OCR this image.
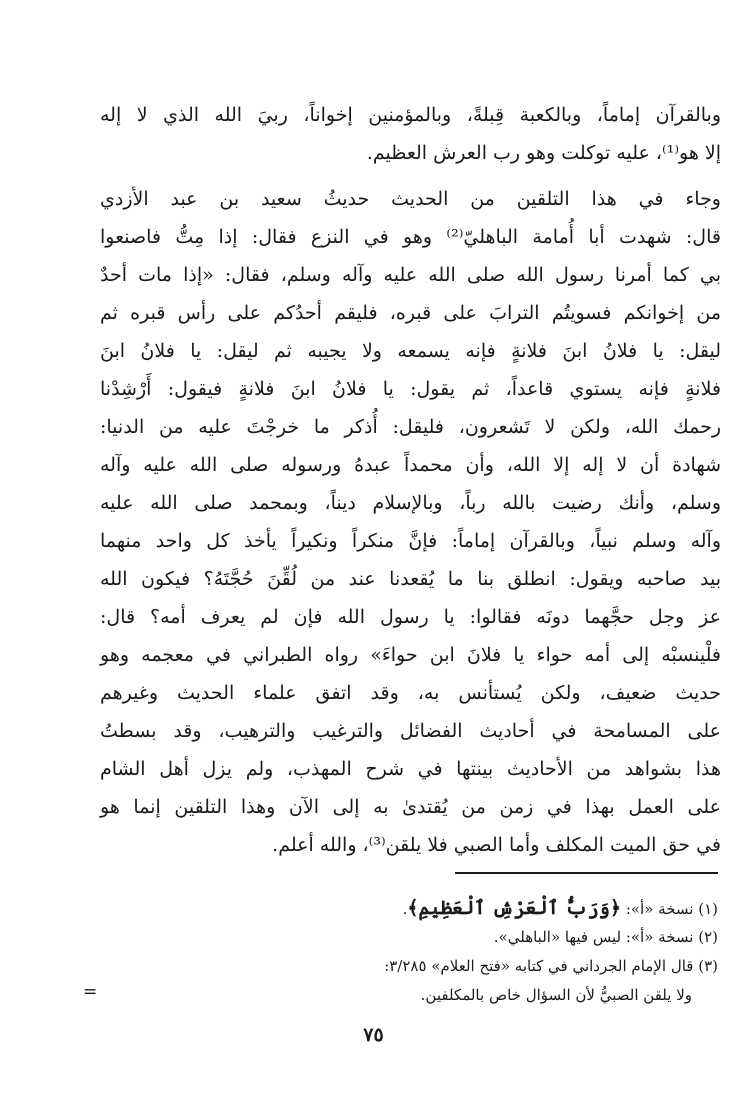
وبالقرآن إماماً، وبالكعبة قِبلةً، وبالمؤمنين إخواناً، ربيَ الله الذي لا إله
إلا هو⁽¹⁾، عليه توكلت وهو رب العرش العظيم.
وجاء في هذا التلقين من الحديث حديثُ سعيد بن عبد الأزدي
قال: شهدت أبا أُمامة الباهليّ⁽²⁾ وهو في النزع فقال: إذا مِتُّ فاصنعوا
بي كما أمرنا رسول الله صلى الله عليه وآله وسلم، فقال: «إذا مات أحدٌ
من إخوانكم فسويتُم الترابَ على قبره، فليقم أحدُكم على رأس قبره ثم
ليقل: يا فلانُ ابنَ فلانةٍ فإنه يسمعه ولا يجيبه ثم ليقل: يا فلانُ ابنَ
فلانةٍ فإنه يستوي قاعداً، ثم يقول: يا فلانُ ابنَ فلانةٍ فيقول: أَرْشِدْنا
رحمك الله، ولكن لا تَشعرون، فليقل: أُذكر ما خرجْتَ عليه من الدنيا:
شهادة أن لا إله إلا الله، وأن محمداً عبدهُ ورسوله صلى الله عليه وآله
وسلم، وأنك رضيت بالله رباً، وبالإسلام ديناً، وبمحمد صلى الله عليه
وآله وسلم نبياً، وبالقرآن إماماً: فإنَّ منكراً ونكيراً يأخذ كل واحد منهما
بيد صاحبه ويقول: انطلق بنا ما يُقعدنا عند من لُقِّنَ حُجَّتَهُ؟ فيكون الله
عز وجل حجَّهما دونَه فقالوا: يا رسول الله فإن لم يعرف أمه؟ قال:
فلْينسبْه إلى أمه حواء يا فلانَ ابن حواءَ» رواه الطبراني في معجمه وهو
حديث ضعيف، ولكن يُستأنس به، وقد اتفق علماء الحديث وغيرهم
على المسامحة في أحاديث الفضائل والترغيب والترهيب، وقد بسطتُ
هذا بشواهد من الأحاديث بينتها في شرح المهذب، ولم يزل أهل الشام
على العمل بهذا في زمن من يُقتدىٰ به إلى الآن وهذا التلقين إنما هو
في حق الميت المكلف وأما الصبي فلا يلقن⁽³⁾، والله أعلم.
(١) نسخة «أ»: ﴿وَرَبُّ ٱلْعَرْشِ ٱلْعَظِيمِ﴾.
(٢) نسخة «أ»: ليس فيها «الباهلي».
(٣) قال الإمام الجرداني في كتابه «فتح العلام» ٣/٢٨٥:
ولا يلقن الصبيُّ لأن السؤال خاص بالمكلفين.
=
٧٥
